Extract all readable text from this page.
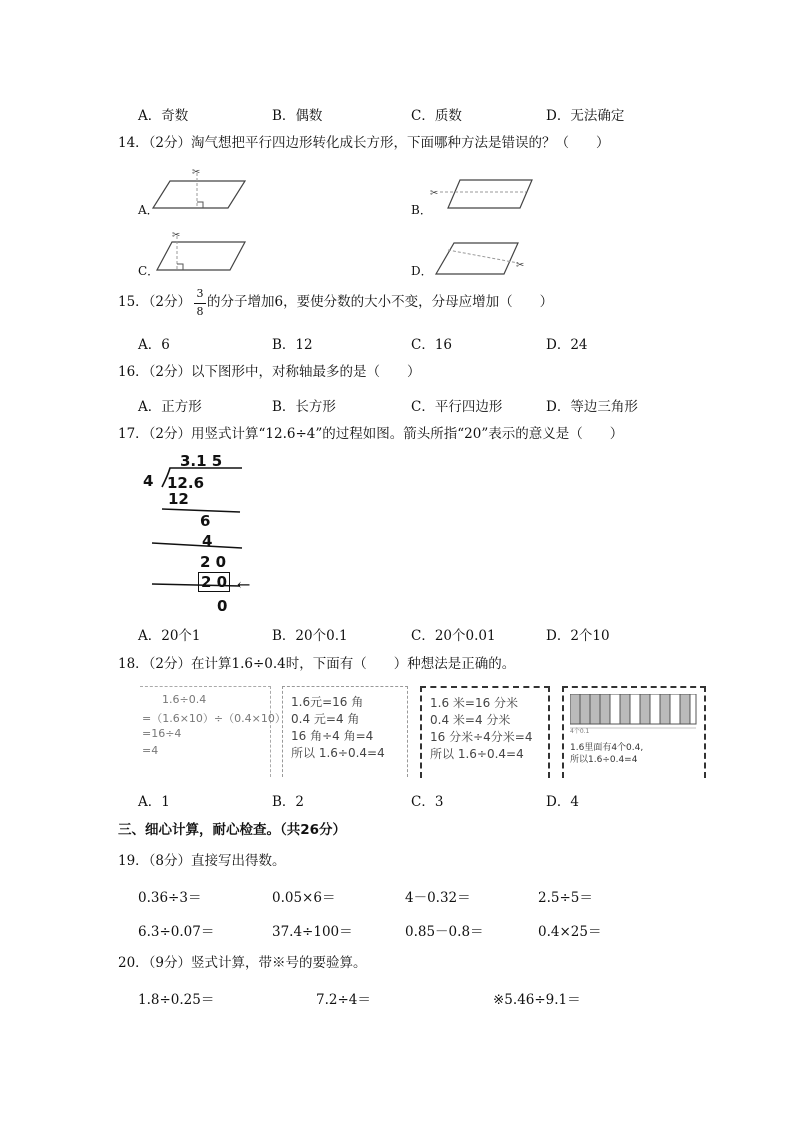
A．奇数	B．偶数	C．质数	D．无法确定
14．（2分）淘气想把平行四边形转化成长方形，下面哪种方法是错误的？（　　）
A．
✂
B．
✂
C．
✂
D．	✂
15．（2分）
3
8
的分子增加6，要使分数的大小不变，分母应增加（　　）
A．6	B．12	C．16	D．24
16．（2分）以下图形中，对称轴最多的是（　　）
A．正方形	B．长方形	C．平行四边形	D．等边三角形
17．（2分）用竖式计算“12.6÷4”的过程如图。箭头所指“20”表示的意义是（　　）
3.1 5
4 12.6
12
6
4
2 0
2 0 ←
0
A．20个1	B．20个0.1	C．20个0.01	D．2个10
18．（2分）在计算1.6÷0.4时，下面有（　　）种想法是正确的。
1.6÷0.4
=（1.6×10）÷（0.4×10）
=16÷4
=4
1.6元=16 角
0.4 元=4 角
16 角÷4 角=4
所以 1.6÷0.4=4
1.6 米=16 分米
0.4 米=4 分米
16 分米÷4分米=4
所以 1.6÷0.4=4
4个0.1
1.6里面有4个0.4,
所以1.6÷0.4=4
A．1	B．2	C．3	D．4
三、细心计算，耐心检查。（共26分）
19．（8分）直接写出得数。
0.36÷3＝	0.05×6＝	4－0.32＝	2.5÷5＝
6.3÷0.07＝	37.4÷100＝	0.85－0.8＝	0.4×25＝
20．（9分）竖式计算，带※号的要验算。
1.8÷0.25＝	7.2÷4＝	※5.46÷9.1＝
